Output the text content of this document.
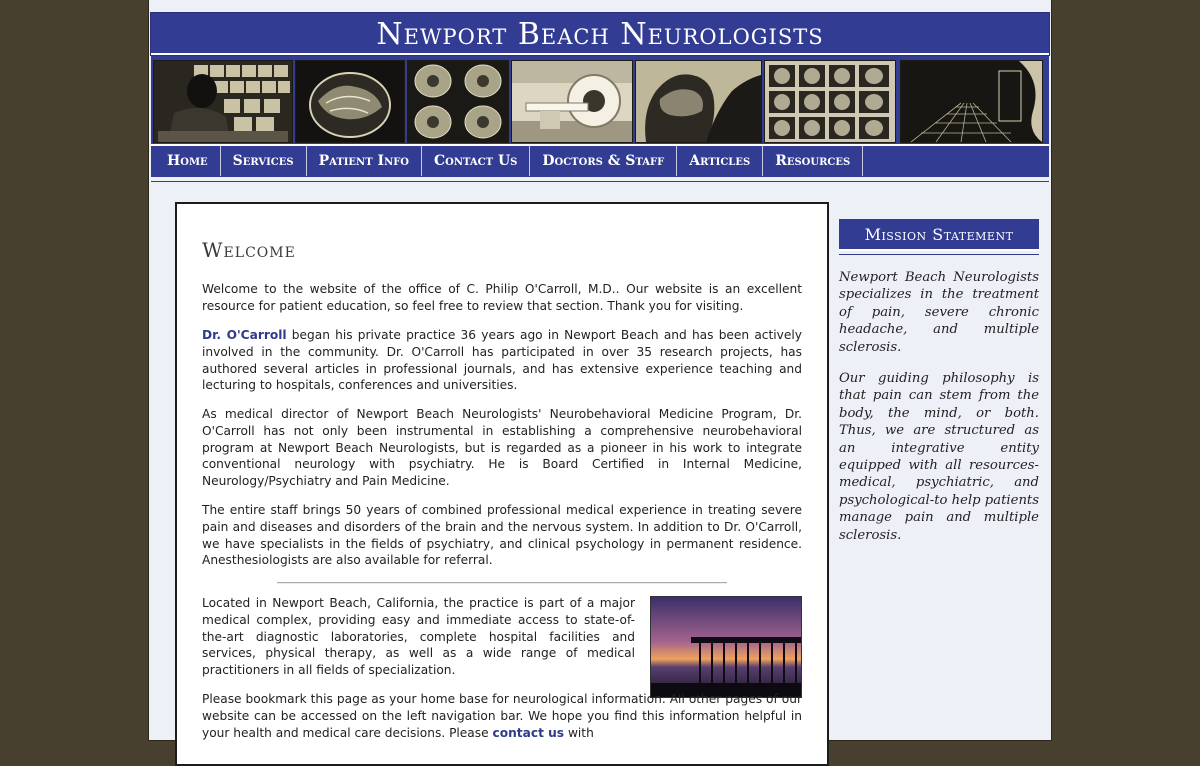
Newport Beach Neurologists
Home	Services	Patient Info	Contact Us	Doctors & Staff	Articles	Resources
Welcome

Welcome to the website of the office of C. Philip O'Carroll, M.D.. Our website is an excellent resource for patient education, so feel free to review that section. Thank you for visiting.

Dr. O'Carroll began his private practice 36 years ago in Newport Beach and has been actively involved in the community. Dr. O'Carroll has participated in over 35 research projects, has authored several articles in professional journals, and has extensive experience teaching and lecturing to hospitals, conferences and universities.

As medical director of Newport Beach Neurologists' Neurobehavioral Medicine Program, Dr. O'Carroll has not only been instrumental in establishing a comprehensive neurobehavioral program at Newport Beach Neurologists, but is regarded as a pioneer in his work to integrate conventional neurology with psychiatry. He is Board Certified in Internal Medicine, Neurology/Psychiatry and Pain Medicine.

The entire staff brings 50 years of combined professional medical experience in treating severe pain and diseases and disorders of the brain and the nervous system. In addition to Dr. O'Carroll, we have specialists in the fields of psychiatry, and clinical psychology in permanent residence. Anesthesiologists are also available for referral.

Located in Newport Beach, California, the practice is part of a major medical complex, providing easy and immediate access to state-of-the-art diagnostic laboratories, complete hospital facilities and services, physical therapy, as well as a wide range of medical practitioners in all fields of specialization.

Please bookmark this page as your home base for neurological information. All other pages of our website can be accessed on the left navigation bar. We hope you find this information helpful in your health and medical care decisions. Please contact us with

Mission Statement

Newport Beach Neurologists specializes in the treatment of pain, severe chronic headache, and multiple sclerosis.

Our guiding philosophy is that pain can stem from the body, the mind, or both. Thus, we are structured as an integrative entity equipped with all resources-medical, psychiatric, and psychological-to help patients manage pain and multiple sclerosis.
